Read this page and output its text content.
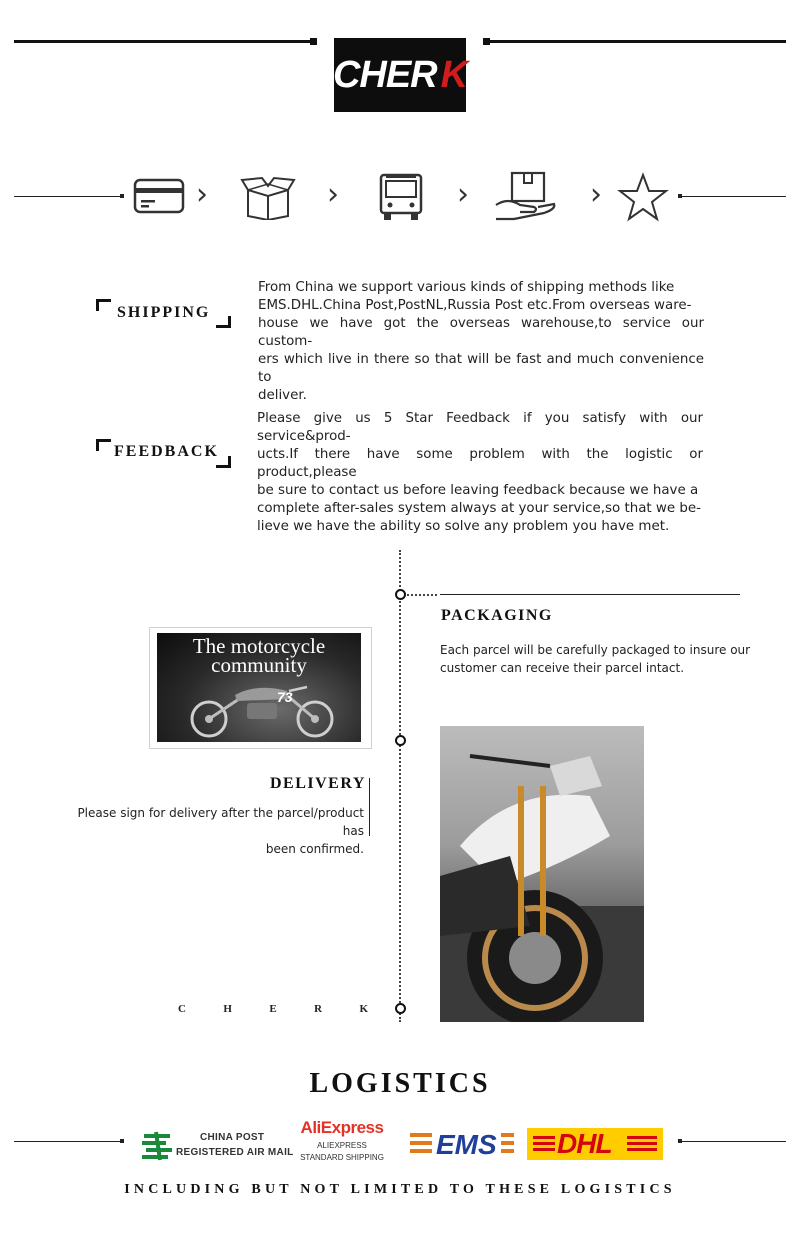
CHER K
›	›	›	›
SHIPPING
From China we support various kinds of shipping methods like
EMS.DHL.China Post,PostNL,Russia Post etc.From overseas ware-
house we have got the overseas warehouse,to service our custom-
ers which live in there so that will be fast and much convenience to
deliver.
FEEDBACK
Please give us 5 Star Feedback if you satisfy with our service&prod-
ucts.If there have some problem with the logistic or product,please
be sure to contact us before leaving feedback because we have a
complete after-sales system always at your service,so that we be-
lieve we have the ability so solve any problem you have met.
PACKAGING
Each parcel will be carefully packaged to insure our
customer can receive their parcel intact.
The motorcycle
community
73
DELIVERY
Please sign for delivery after the parcel/product has
been confirmed.
C	H	E	R	K
LOGISTICS
CHINA POST
REGISTERED AIR MAIL
AliExpress
ALIEXPRESS
STANDARD SHIPPING EMS DHL
INCLUDING BUT NOT LIMITED TO THESE LOGISTICS
